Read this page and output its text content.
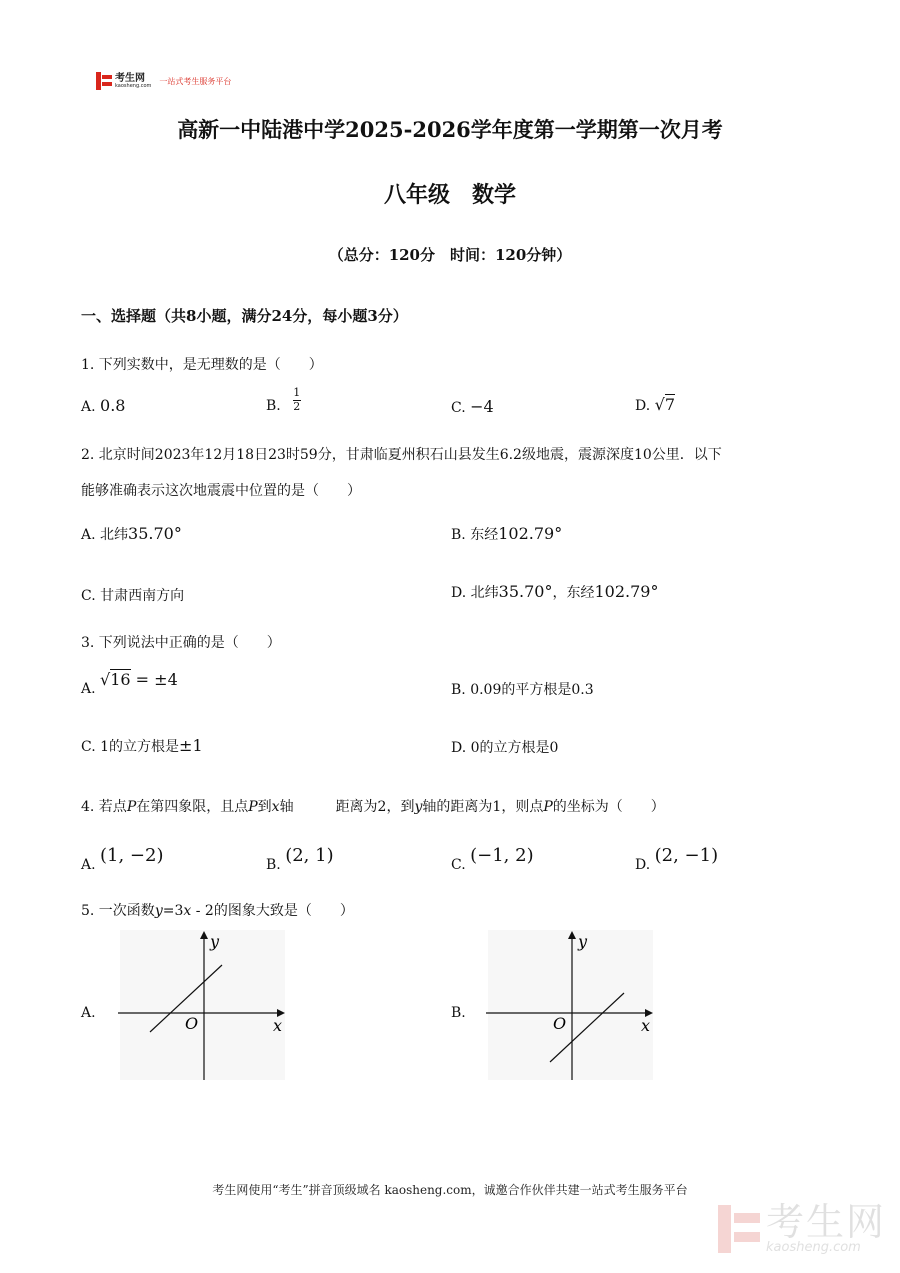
考生网
kaosheng.com 一站式考生服务平台
高新一中陆港中学2025-2026学年度第一学期第一次月考
八年级　数学
（总分：120分　时间：120分钟）
一、选择题（共8小题，满分24分，每小题3分）
1. 下列实数中，是无理数的是（　　）
A. 0.8	B. $\frac{1}{2}$	C. −4	D. √7
2. 北京时间2023年12月18日23时59分，甘肃临夏州积石山县发生6.2级地震，震源深度10公里．以下
能够准确表示这次地震震中位置的是（　　）
A. 北纬35.70°	B. 东经102.79°
C. 甘肃西南方向	D. 北纬35.70°，东经102.79°
3. 下列说法中正确的是（　　）
A. √16 = ±4
B. 0.09的平方根是0.3
C. 1的立方根是±1	D. 0的立方根是0
4. 若点P在第四象限，且点P到x轴	距离为2，到y轴的距离为1，则点P的坐标为（　　）
A. (1, −2)	B. (2, 1)	C. (−1, 2)	D. (2, −1)
5. 一次函数y=3x - 2的图象大致是（　　）
A.
y
x
O
B.
y
x
O
考生网使用“考生”拼音顶级域名 kaosheng.com，诚邀合作伙伴共建一站式考生服务平台
考生网
kaosheng.com
